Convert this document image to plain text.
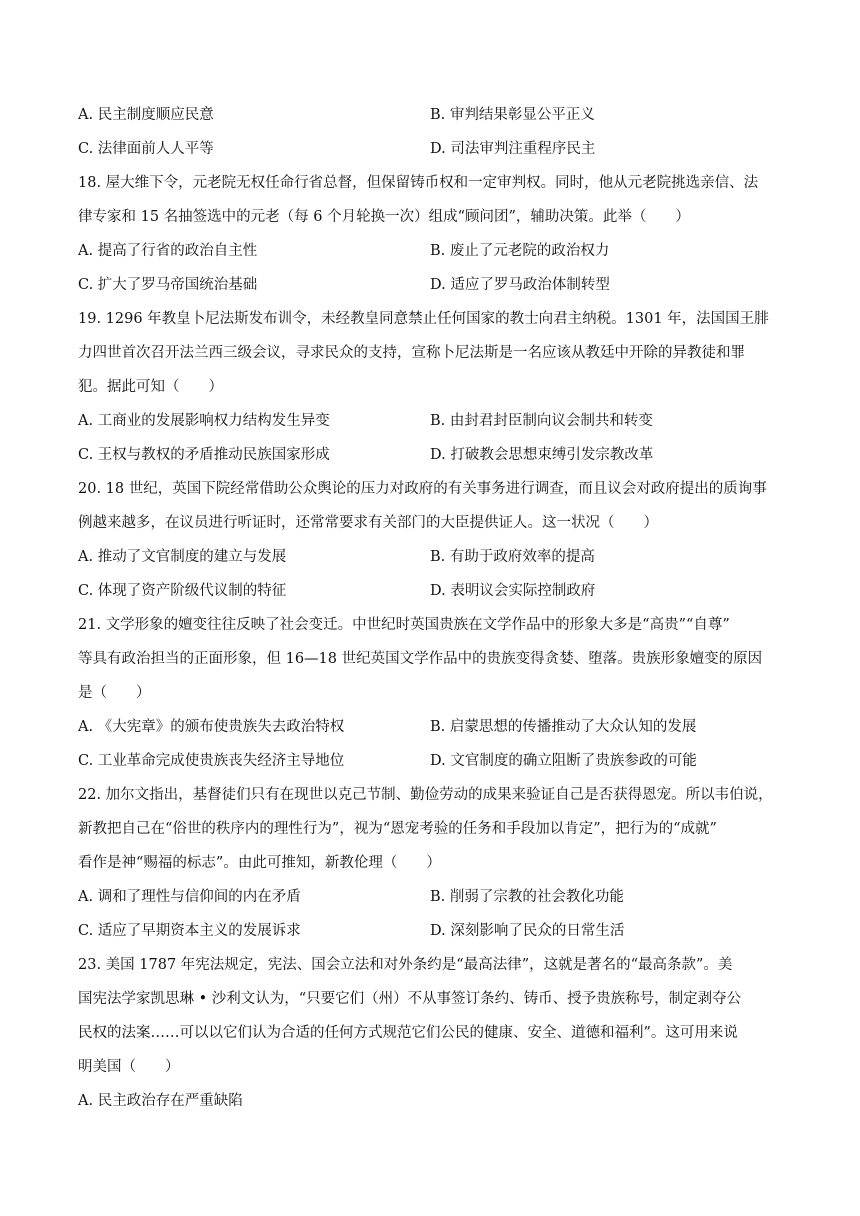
A. 民主制度顺应民意	B. 审判结果彰显公平正义
C. 法律面前人人平等	D. 司法审判注重程序民主
18. 屋大维下令，元老院无权任命行省总督，但保留铸币权和一定审判权。同时，他从元老院挑选亲信、法
律专家和 15 名抽签选中的元老（每 6 个月轮换一次）组成“顾问团”，辅助决策。此举（　　）
A. 提高了行省的政治自主性	B. 废止了元老院的政治权力
C. 扩大了罗马帝国统治基础	D. 适应了罗马政治体制转型
19. 1296 年教皇卜尼法斯发布训令，未经教皇同意禁止任何国家的教士向君主纳税。1301 年，法国国王腓
力四世首次召开法兰西三级会议，寻求民众的支持，宣称卜尼法斯是一名应该从教廷中开除的异教徒和罪
犯。据此可知（　　）
A. 工商业的发展影响权力结构发生异变	B. 由封君封臣制向议会制共和转变
C. 王权与教权的矛盾推动民族国家形成	D. 打破教会思想束缚引发宗教改革
20. 18 世纪，英国下院经常借助公众舆论的压力对政府的有关事务进行调查，而且议会对政府提出的质询事
例越来越多，在议员进行听证时，还常常要求有关部门的大臣提供证人。这一状况（　　）
A. 推动了文官制度的建立与发展	B. 有助于政府效率的提高
C. 体现了资产阶级代议制的特征	D. 表明议会实际控制政府
21. 文学形象的嬗变往往反映了社会变迁。中世纪时英国贵族在文学作品中的形象大多是“高贵”“自尊”
等具有政治担当的正面形象，但 16—18 世纪英国文学作品中的贵族变得贪婪、堕落。贵族形象嬗变的原因
是（　　）
A. 《大宪章》的颁布使贵族失去政治特权	B. 启蒙思想的传播推动了大众认知的发展
C. 工业革命完成使贵族丧失经济主导地位	D. 文官制度的确立阻断了贵族参政的可能
22. 加尔文指出，基督徒们只有在现世以克己节制、勤俭劳动的成果来验证自己是否获得恩宠。所以韦伯说，
新教把自己在“俗世的秩序内的理性行为”，视为“恩宠考验的任务和手段加以肯定”，把行为的“成就”
看作是神“赐福的标志”。由此可推知，新教伦理（　　）
A. 调和了理性与信仰间的内在矛盾	B. 削弱了宗教的社会教化功能
C. 适应了早期资本主义的发展诉求	D. 深刻影响了民众的日常生活
23. 美国 1787 年宪法规定，宪法、国会立法和对外条约是“最高法律”，这就是著名的“最高条款”。美
国宪法学家凯思琳 • 沙利文认为，“只要它们（州）不从事签订条约、铸币、授予贵族称号，制定剥夺公
民权的法案……可以以它们认为合适的任何方式规范它们公民的健康、安全、道德和福利”。这可用来说
明美国（　　）
A. 民主政治存在严重缺陷
